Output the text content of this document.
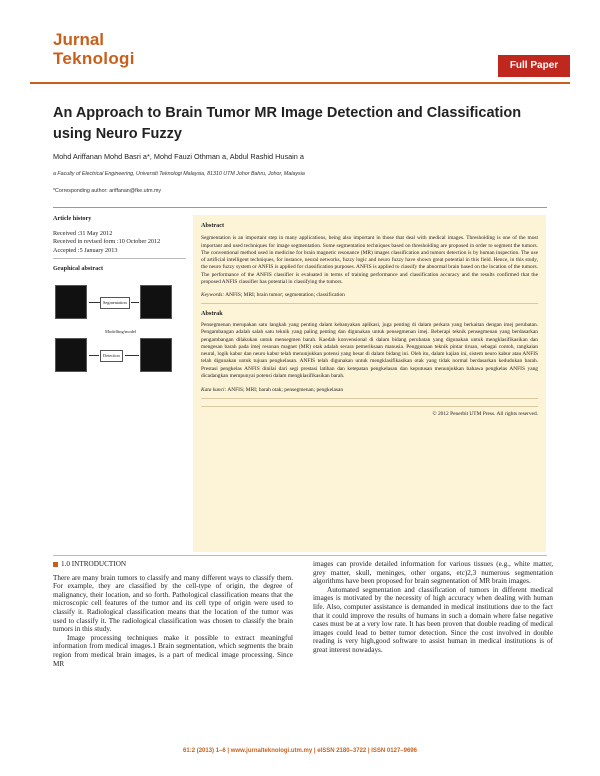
Jurnal
Teknologi	Full Paper
An Approach to Brain Tumor MR Image Detection and Classification using Neuro Fuzzy
Mohd Ariffanan Mohd Basri a*, Mohd Fauzi Othman a, Abdul Rashid Husain a
a Faculty of Electrical Engineering, Universiti Teknologi Malaysia, 81310 UTM Johor Bahru, Johor, Malaysia
*Corresponding author: ariffanan@fke.utm.my
Article history
Received :31 May 2012
Received in revised form :10 October 2012
Accepted :5 January 2013
Graphical abstract
Segmentation
Modelling/model
Detection
Abstract
Segmentation is an important step in many applications, being also important in those that deal with medical images. Thresholding is one of the most important and used techniques for image segmentation. Some segmentation techniques based on thresholding are proposed in order to segment the tumors. The conventional method used in medicine for brain magnetic resonance (MR) images classification and tumors detection is by human inspection. The use of artificial intelligent techniques, for instance, neural networks, fuzzy logic and neuro fuzzy have shown great potential in this field. Hence, in this study, the neuro fuzzy system or ANFIS is applied for classification purposes. ANFIS is applied to classify the abnormal brain based on the location of the tumors. The performance of the ANFIS classifier is evaluated in terms of training performance and classification accuracy and the results confirmed that the proposed ANFIS classifier has potential in classifying the tumors.
Keywords: ANFIS; MRI; brain tumor; segmentation; classification
Abstrak
Pensegmenan merupakan satu langkah yang penting dalam kebanyakan aplikasi, juga penting di dalam perkara yang berkaitan dengan imej perubatan. Pengambangan adalah salah satu teknik yang paling penting dan digunakan untuk pensegmenan imej. Beberapi teknik pensegmenan yang berdasarkan pengambangan dilakukan untuk mensegmen barah. Kaedah konvensional di dalam bidang perubatan yang digunakan untuk mengklasifikasikan dan mengesan barah pada imej resonan magnet (MR) otak adalah secara pemeriksaan manusia. Penggunaan teknik pintar tiruan, sebagai contoh, rangkaian neural, logik kabur dan neuro kabur telah menunjukkan potensi yang besar di dalam bidang ini. Oleh itu, dalam kajian ini, sistem neuro kabur atau ANFIS telah digunakan untuk tujuan pengkelasan. ANFIS telah digunakan untuk mengklasifikasikan otak yang tidak normal berdasarkan kedudukan barah. Prestasi pengkelas ANFIS dinilai dari segi prestasi latihan dan ketepatan pengkelasan dan keputusan menunjukkan bahawa pengkelas ANFIS yang dicadangkan mempunyai potensi dalam mengklasifikasikan barah.
Kata kunci: ANFIS; MRI; barah otak; pensegmenan; pengkelasan
© 2012 Penerbit UTM Press. All rights reserved.
1.0 INTRODUCTION

There are many brain tumors to classify and many different ways to classify them. For example, they are classified by the cell-type of origin, the degree of malignancy, their location, and so forth. Pathological classification means that the microscopic cell features of the tumor and its cell type of origin were used to classify it. Radiological classification means that the location of the tumor was used to classify it. The radiological classification was chosen to classify the brain tumors in this study.

Image processing techniques make it possible to extract meaningful information from medical images.1 Brain segmentation, which segments the brain region from medical brain images, is a part of medical image processing. Since MR

images can provide detailed information for various tissues (e.g., white matter, grey matter, skull, meninges, other organs, etc)2,3 numerous segmentation algorithms have been proposed for brain segmentation of MR brain images.

Automated segmentation and classification of tumors in different medical images is motivated by the necessity of high accuracy when dealing with human life. Also, computer assistance is demanded in medical institutions due to the fact that it could improve the results of humans in such a domain where false negative cases must be at a very low rate. It has been proven that double reading of medical images could lead to better tumor detection. Since the cost involved in double reading is very high,good software to assist human in medical institutions is of great interest nowadays.

61:2 (2013) 1–6 | www.jurnalteknologi.utm.my | eISSN 2180–3722 | ISSN 0127–9696
